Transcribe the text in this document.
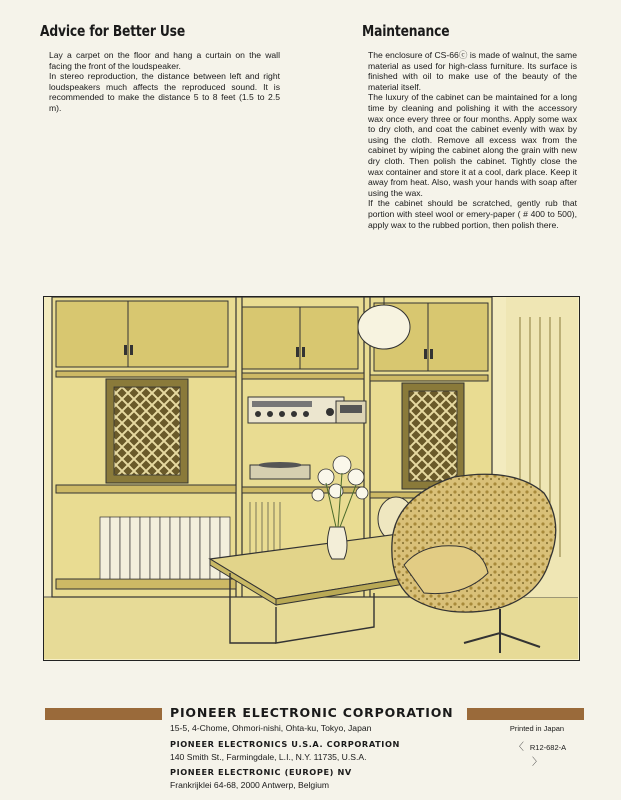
Advice for Better Use

Lay a carpet on the floor and hang a curtain on the wall facing the front of the loudspeaker.

In stereo reproduction, the distance between left and right loudspeakers much affects the reproduced sound. It is recommended to make the distance 5 to 8 feet (1.5 to 2.5 m).

Maintenance

The enclosure of CS-66ⓒ is made of walnut, the same material as used for high-class furniture. Its surface is finished with oil to make use of the beauty of the material itself.

The luxury of the cabinet can be maintained for a long time by cleaning and polishing it with the accessory wax once every three or four months. Apply some wax to dry cloth, and coat the cabinet evenly with wax by using the cloth. Remove all excess wax from the cabinet by wiping the cabinet along the grain with new dry cloth. Then polish the cabinet. Tightly close the wax container and store it at a cool, dark place. Keep it away from heat. Also, wash your hands with soap after using the wax.

If the cabinet should be scratched, gently rub that portion with steel wool or emery-paper ( # 400 to 500), apply wax to the rubbed portion, then polish there.

PIONEER ELECTRONIC CORPORATION
15-5, 4-Chome, Ohmori-nishi, Ohta-ku, Tokyo, Japan
PIONEER ELECTRONICS U.S.A. CORPORATION
140 Smith St., Farmingdale, L.I., N.Y. 11735, U.S.A.
PIONEER ELECTRONIC (EUROPE) NV
Frankrijklei 64-68, 2000 Antwerp, Belgium
Printed in Japan
〈 R12-682-A〉
